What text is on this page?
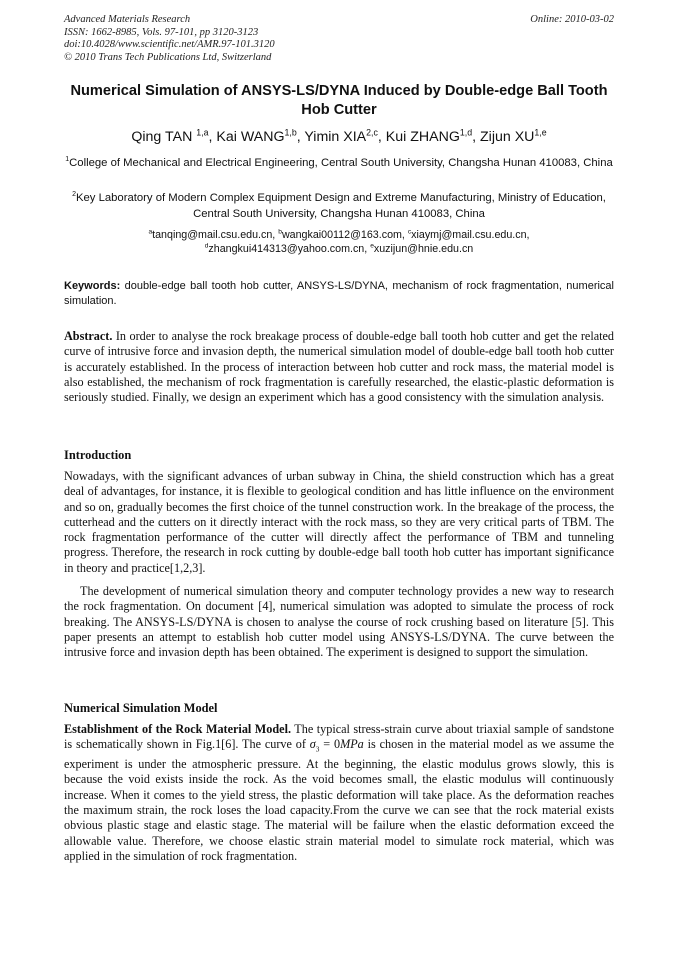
Advanced Materials Research
ISSN: 1662-8985, Vols. 97-101, pp 3120-3123
doi:10.4028/www.scientific.net/AMR.97-101.3120
© 2010 Trans Tech Publications Ltd, Switzerland
Online: 2010-03-02
Numerical Simulation of ANSYS-LS/DYNA Induced by Double-edge Ball Tooth Hob Cutter
Qing TAN $^{1,a}$, Kai WANG$^{1,b}$, Yimin XIA$^{2,c}$, Kui ZHANG$^{1,d}$, Zijun XU$^{1,e}$
$^1$College of Mechanical and Electrical Engineering, Central South University, Changsha Hunan 410083, China
$^2$Key Laboratory of Modern Complex Equipment Design and Extreme Manufacturing, Ministry of Education, Central South University, Changsha Hunan 410083, China
$^a$tanqing@mail.csu.edu.cn, $^b$wangkai00112@163.com, $^c$xiaymj@mail.csu.edu.cn,
$^d$zhangkui414313@yahoo.com.cn, $^e$xuzijun@hnie.edu.cn
Keywords: double-edge ball tooth hob cutter, ANSYS-LS/DYNA, mechanism of rock fragmentation, numerical simulation.
Abstract. In order to analyse the rock breakage process of double-edge ball tooth hob cutter and get the related curve of intrusive force and invasion depth, the numerical simulation model of double-edge ball tooth hob cutter is accurately established. In the process of interaction between hob cutter and rock mass, the material model is also established, the mechanism of rock fragmentation is carefully researched, the elastic-plastic deformation is seriously studied. Finally, we design an experiment which has a good consistency with the simulation analysis.
Introduction

Nowadays, with the significant advances of urban subway in China, the shield construction which has a great deal of advantages, for instance, it is flexible to geological condition and has little influence on the environment and so on, gradually becomes the first choice of the tunnel construction work. In the breakage of the process, the cutterhead and the cutters on it directly interact with the rock mass, so they are very critical parts of TBM. The rock fragmentation performance of the cutter will directly affect the performance of TBM and tunneling progress. Therefore, the research in rock cutting by double-edge ball tooth hob cutter has important significance in theory and practice[1,2,3].

The development of numerical simulation theory and computer technology provides a new way to research the rock fragmentation. On document [4], numerical simulation was adopted to simulate the process of rock breaking. The ANSYS-LS/DYNA is chosen to analyse the course of rock crushing based on literature [5]. This paper presents an attempt to establish hob cutter model using ANSYS-LS/DYNA. The curve between the intrusive force and invasion depth has been obtained. The experiment is designed to support the simulation.

Numerical Simulation Model

Establishment of the Rock Material Model. The typical stress-strain curve about triaxial sample of sandstone is schematically shown in Fig.1[6]. The curve of $\sigma_3 = 0MPa$ is chosen in the material model as we assume the experiment is under the atmospheric pressure. At the beginning, the elastic modulus grows slowly, this is because the void exists inside the rock. As the void becomes small, the elastic modulus will continuously increase. When it comes to the yield stress, the plastic deformation will take place. As the deformation reaches the maximum strain, the rock loses the load capacity.From the curve we can see that the rock material exists obvious plastic stage and elastic stage. The material will be failure when the elastic deformation exceed the allowable value. Therefore, we choose elastic strain material model to simulate rock material, which was applied in the simulation of rock fragmentation.
